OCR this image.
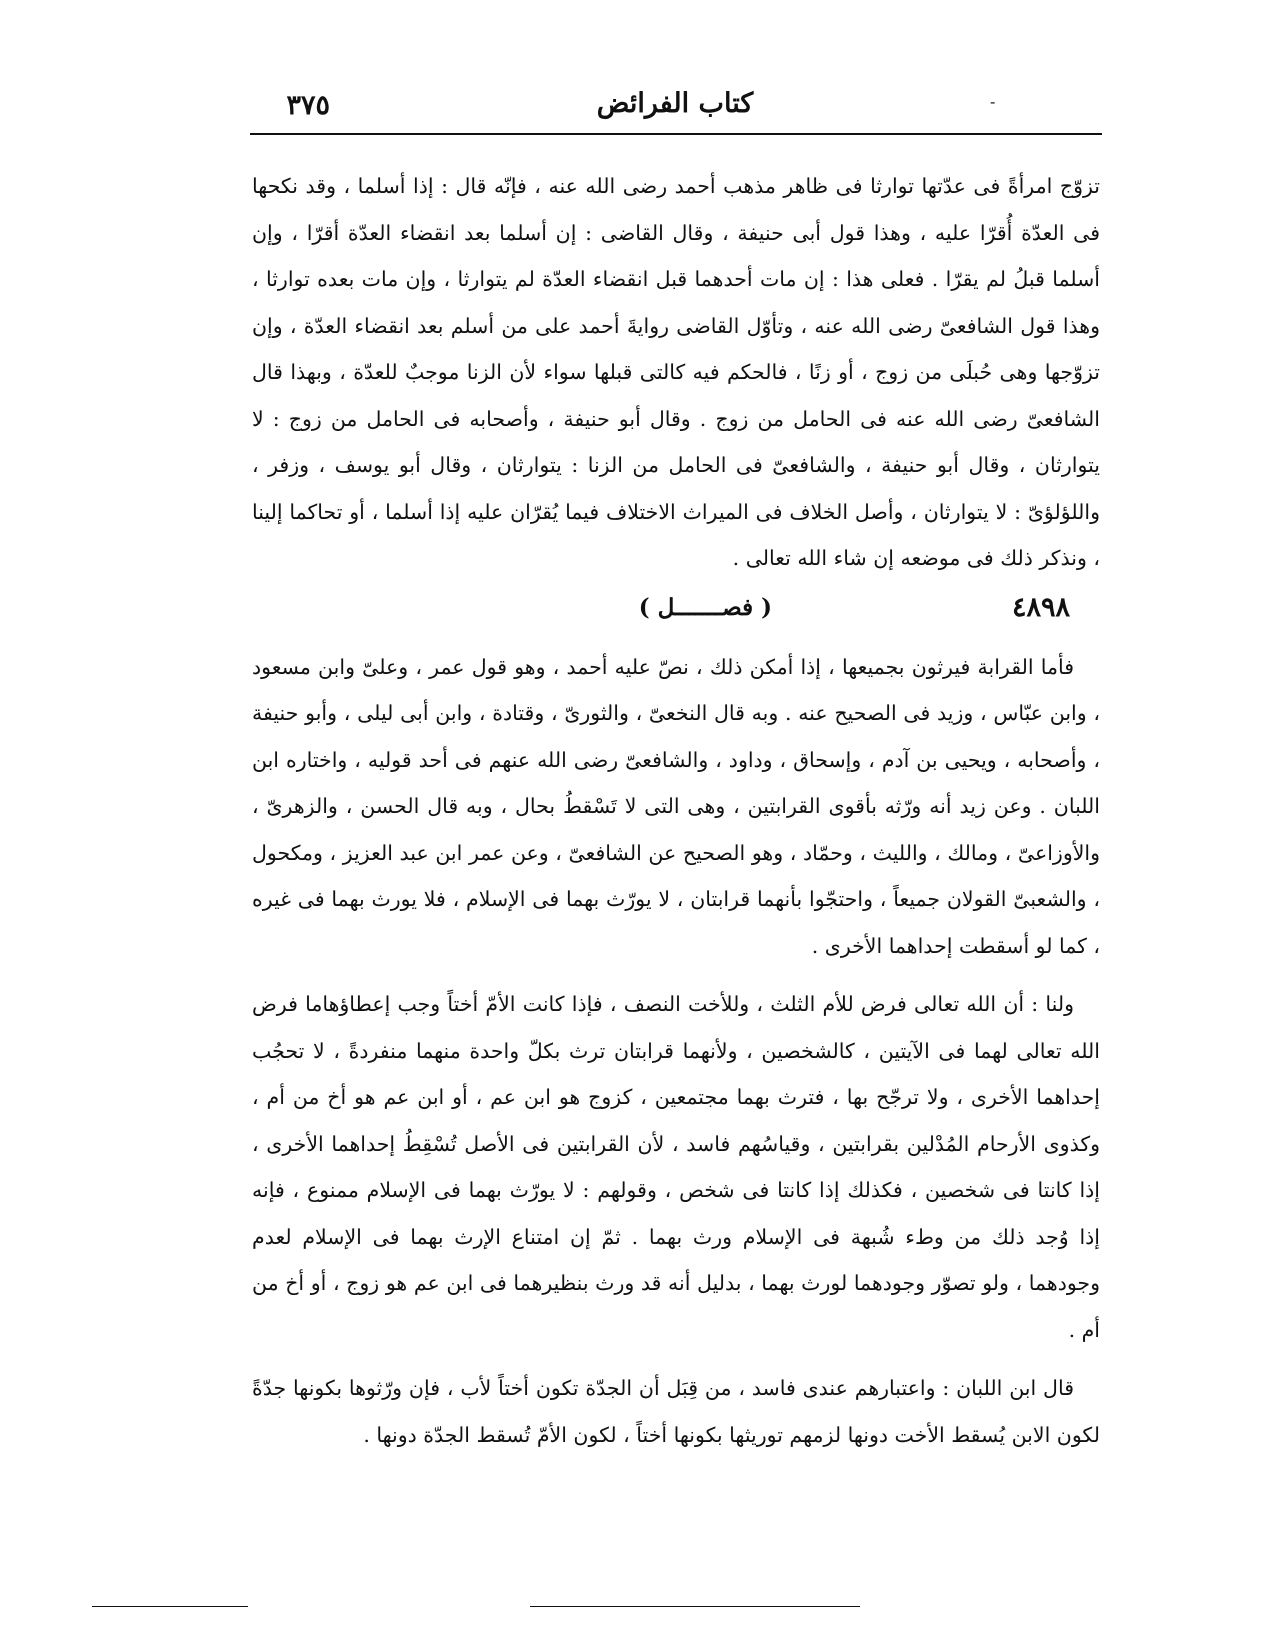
كتاب الفرائض
٣٧٥	-

تزوّج امرأةً فى عدّتها توارثا فى ظاهر مذهب أحمد رضى الله عنه ، فإنّه قال : إذا أسلما ، وقد نكحها فى العدّة أُقرّا عليه ، وهذا قول أبى حنيفة ، وقال القاضى : إن أسلما بعد انقضاء العدّة أقرّا ، وإن أسلما قبلُ لم يقرّا . فعلى هذا : إن مات أحدهما قبل انقضاء العدّة لم يتوارثا ، وإن مات بعده توارثا ، وهذا قول الشافعىّ رضى الله عنه ، وتأوّل القاضى روايةَ أحمد على من أسلم بعد انقضاء العدّة ، وإن تزوّجها وهى حُبلَى من زوج ، أو زنًا ، فالحكم فيه كالتى قبلها سواء لأن الزنا موجبٌ للعدّة ، وبهذا قال الشافعىّ رضى الله عنه فى الحامل من زوج . وقال أبو حنيفة ، وأصحابه فى الحامل من زوج : لا يتوارثان ، وقال أبو حنيفة ، والشافعىّ فى الحامل من الزنا : يتوارثان ، وقال أبو يوسف ، وزفر ، واللؤلؤىّ : لا يتوارثان ، وأصل الخلاف فى الميراث الاختلاف فيما يُقرّان عليه إذا أسلما ، أو تحاكما إلينا ، ونذكر ذلك فى موضعه إن شاء الله تعالى .

٤٨٩٨
( فصـــــــل )

فأما القرابة فيرثون بجميعها ، إذا أمكن ذلك ، نصّ عليه أحمد ، وهو قول عمر ، وعلىّ وابن مسعود ، وابن عبّاس ، وزيد فى الصحيح عنه . وبه قال النخعىّ ، والثورىّ ، وقتادة ، وابن أبى ليلى ، وأبو حنيفة ، وأصحابه ، ويحيى بن آدم ، وإسحاق ، وداود ، والشافعىّ رضى الله عنهم فى أحد قوليه ، واختاره ابن اللبان . وعن زيد أنه ورّثه بأقوى القرابتين ، وهى التى لا تَسْقطُ بحال ، وبه قال الحسن ، والزهرىّ ، والأوزاعىّ ، ومالك ، والليث ، وحمّاد ، وهو الصحيح عن الشافعىّ ، وعن عمر ابن عبد العزيز ، ومكحول ، والشعبىّ القولان جميعاً ، واحتجّوا بأنهما قرابتان ، لا يورّث بهما فى الإسلام ، فلا يورث بهما فى غيره ، كما لو أسقطت إحداهما الأخرى .

ولنا : أن الله تعالى فرض للأم الثلث ، وللأخت النصف ، فإذا كانت الأمّ أختاً وجب إعطاؤهاما فرض الله تعالى لهما فى الآيتين ، كالشخصين ، ولأنهما قرابتان ترث بكلّ واحدة منهما منفردةً ، لا تحجُب إحداهما الأخرى ، ولا ترجّح بها ، فترث بهما مجتمعين ، كزوج هو ابن عم ، أو ابن عم هو أخ من أم ، وكذوى الأرحام المُدْلين بقرابتين ، وقياسُهم فاسد ، لأن القرابتين فى الأصل تُسْقِطُ إحداهما الأخرى ، إذا كانتا فى شخصين ، فكذلك إذا كانتا فى شخص ، وقولهم : لا يورّث بهما فى الإسلام ممنوع ، فإنه إذا وُجد ذلك من وطء شُبهة فى الإسلام ورث بهما . ثمّ إن امتناع الإرث بهما فى الإسلام لعدم وجودهما ، ولو تصوّر وجودهما لورث بهما ، بدليل أنه قد ورث بنظيرهما فى ابن عم هو زوج ، أو أخ من أم .

قال ابن اللبان : واعتبارهم عندى فاسد ، من قِبَل أن الجدّة تكون أختاً لأب ، فإن ورّثوها بكونها جدّةً لكون الابن يُسقط الأخت دونها لزمهم توريثها بكونها أختاً ، لكون الأمّ تُسقط الجدّة دونها .
